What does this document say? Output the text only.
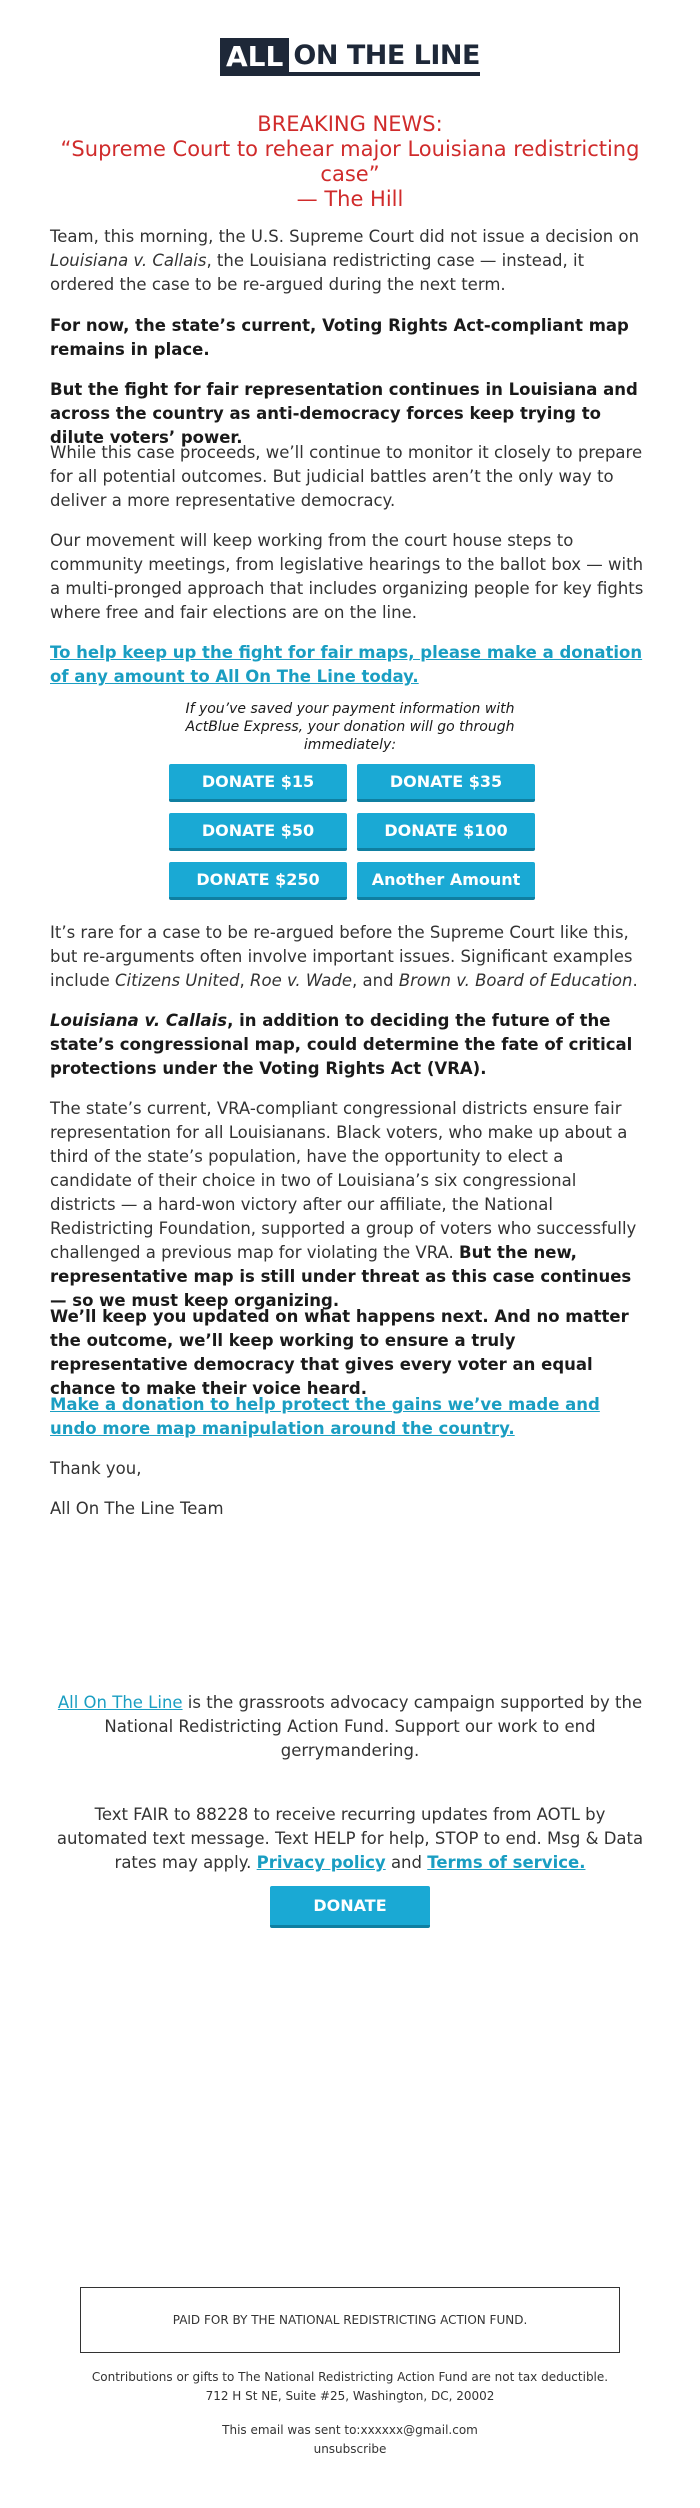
ALL ON THE LINE
BREAKING NEWS:
“Supreme Court to rehear major Louisiana redistricting case”
— The Hill

Team, this morning, the U.S. Supreme Court did not issue a decision on Louisiana v. Callais, the Louisiana redistricting case — instead, it ordered the case to be re-argued during the next term.

For now, the state’s current, Voting Rights Act-compliant map remains in place.

But the fight for fair representation continues in Louisiana and across the country as anti-democracy forces keep trying to dilute voters’ power.

While this case proceeds, we’ll continue to monitor it closely to prepare for all potential outcomes. But judicial battles aren’t the only way to deliver a more representative democracy.

Our movement will keep working from the court house steps to community meetings, from legislative hearings to the ballot box — with a multi-pronged approach that includes organizing people for key fights where free and fair elections are on the line.

To help keep up the fight for fair maps, please make a donation of any amount to All On The Line today.

If you’ve saved your payment information with ActBlue Express, your donation will go through immediately:
DONATE $15	DONATE $35
DONATE $50	DONATE $100
DONATE $250	Another Amount

It’s rare for a case to be re-argued before the Supreme Court like this, but re-arguments often involve important issues. Significant examples include Citizens United, Roe v. Wade, and Brown v. Board of Education.

Louisiana v. Callais, in addition to deciding the future of the state’s congressional map, could determine the fate of critical protections under the Voting Rights Act (VRA).

The state’s current, VRA-compliant congressional districts ensure fair representation for all Louisianans. Black voters, who make up about a third of the state’s population, have the opportunity to elect a candidate of their choice in two of Louisiana’s six congressional districts — a hard-won victory after our affiliate, the National Redistricting Foundation, supported a group of voters who successfully challenged a previous map for violating the VRA. But the new, representative map is still under threat as this case continues — so we must keep organizing.

We’ll keep you updated on what happens next. And no matter the outcome, we’ll keep working to ensure a truly representative democracy that gives every voter an equal chance to make their voice heard.

Make a donation to help protect the gains we’ve made and undo more map manipulation around the country.

Thank you,

All On The Line Team

All On The Line is the grassroots advocacy campaign supported by the National Redistricting Action Fund. Support our work to end gerrymandering.

Text FAIR to 88228 to receive recurring updates from AOTL by automated text message. Text HELP for help, STOP to end. Msg & Data rates may apply. Privacy policy and Terms of service.

DONATE
PAID FOR BY THE NATIONAL REDISTRICTING ACTION FUND.
Contributions or gifts to The National Redistricting Action Fund are not tax deductible.
712 H St NE, Suite #25, Washington, DC, 20002
This email was sent to:xxxxxx@gmail.com
unsubscribe
